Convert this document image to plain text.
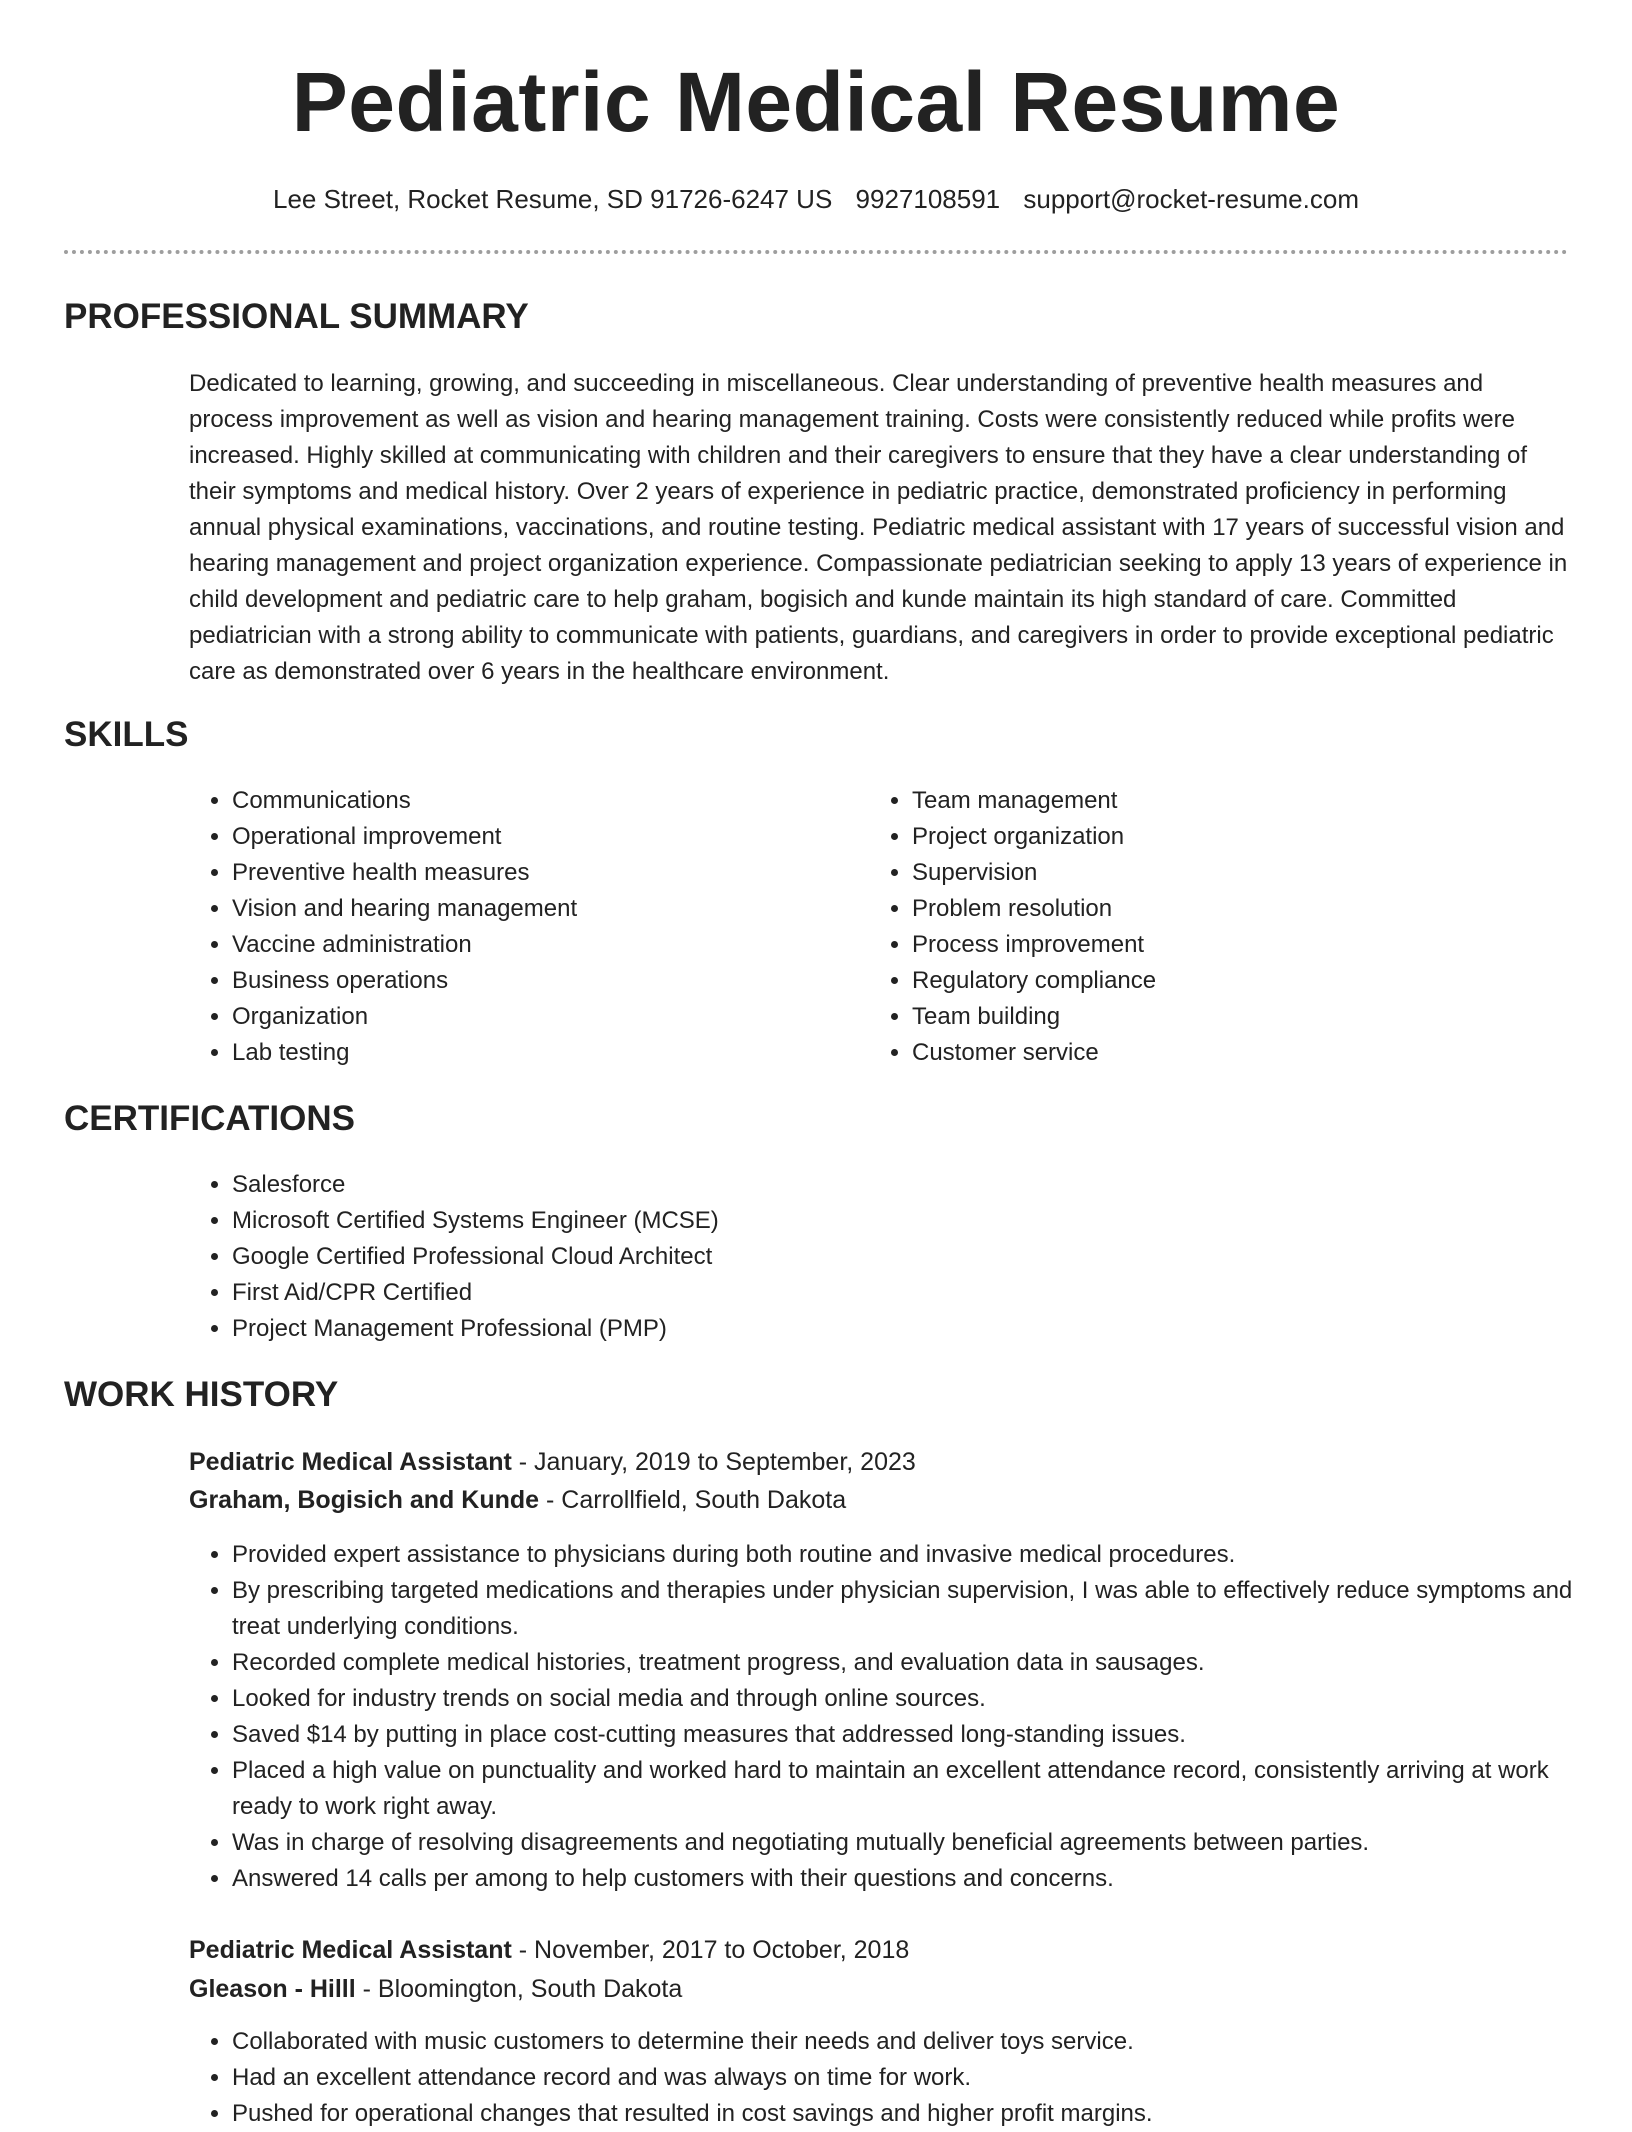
Pediatric Medical Resume
Lee Street, Rocket Resume, SD 91726-6247 US 9927108591 support@rocket-resume.com
PROFESSIONAL SUMMARY

Dedicated to learning, growing, and succeeding in miscellaneous. Clear understanding of preventive health measures and process improvement as well as vision and hearing management training. Costs were consistently reduced while profits were increased. Highly skilled at communicating with children and their caregivers to ensure that they have a clear understanding of their symptoms and medical history. Over 2 years of experience in pediatric practice, demonstrated proficiency in performing annual physical examinations, vaccinations, and routine testing. Pediatric medical assistant with 17 years of successful vision and hearing management and project organization experience. Compassionate pediatrician seeking to apply 13 years of experience in child development and pediatric care to help graham, bogisich and kunde maintain its high standard of care. Committed pediatrician with a strong ability to communicate with patients, guardians, and caregivers in order to provide exceptional pediatric care as demonstrated over 6 years in the healthcare environment.

SKILLS
• Communications
• Operational improvement
• Preventive health measures
• Vision and hearing management
• Vaccine administration
• Business operations
• Organization
• Lab testing
• Team management
• Project organization
• Supervision
• Problem resolution
• Process improvement
• Regulatory compliance
• Team building
• Customer service
CERTIFICATIONS
• Salesforce
• Microsoft Certified Systems Engineer (MCSE)
• Google Certified Professional Cloud Architect
• First Aid/CPR Certified
• Project Management Professional (PMP)
WORK HISTORY
Pediatric Medical Assistant - January, 2019 to September, 2023
Graham, Bogisich and Kunde - Carrollfield, South Dakota
• Provided expert assistance to physicians during both routine and invasive medical procedures.
• By prescribing targeted medications and therapies under physician supervision, I was able to effectively reduce symptoms and treat underlying conditions.
• Recorded complete medical histories, treatment progress, and evaluation data in sausages.
• Looked for industry trends on social media and through online sources.
• Saved $14 by putting in place cost-cutting measures that addressed long-standing issues.
• Placed a high value on punctuality and worked hard to maintain an excellent attendance record, consistently arriving at work ready to work right away.
• Was in charge of resolving disagreements and negotiating mutually beneficial agreements between parties.
• Answered 14 calls per among to help customers with their questions and concerns.
Pediatric Medical Assistant - November, 2017 to October, 2018
Gleason - Hilll - Bloomington, South Dakota
• Collaborated with music customers to determine their needs and deliver toys service.
• Had an excellent attendance record and was always on time for work.
• Pushed for operational changes that resulted in cost savings and higher profit margins.
